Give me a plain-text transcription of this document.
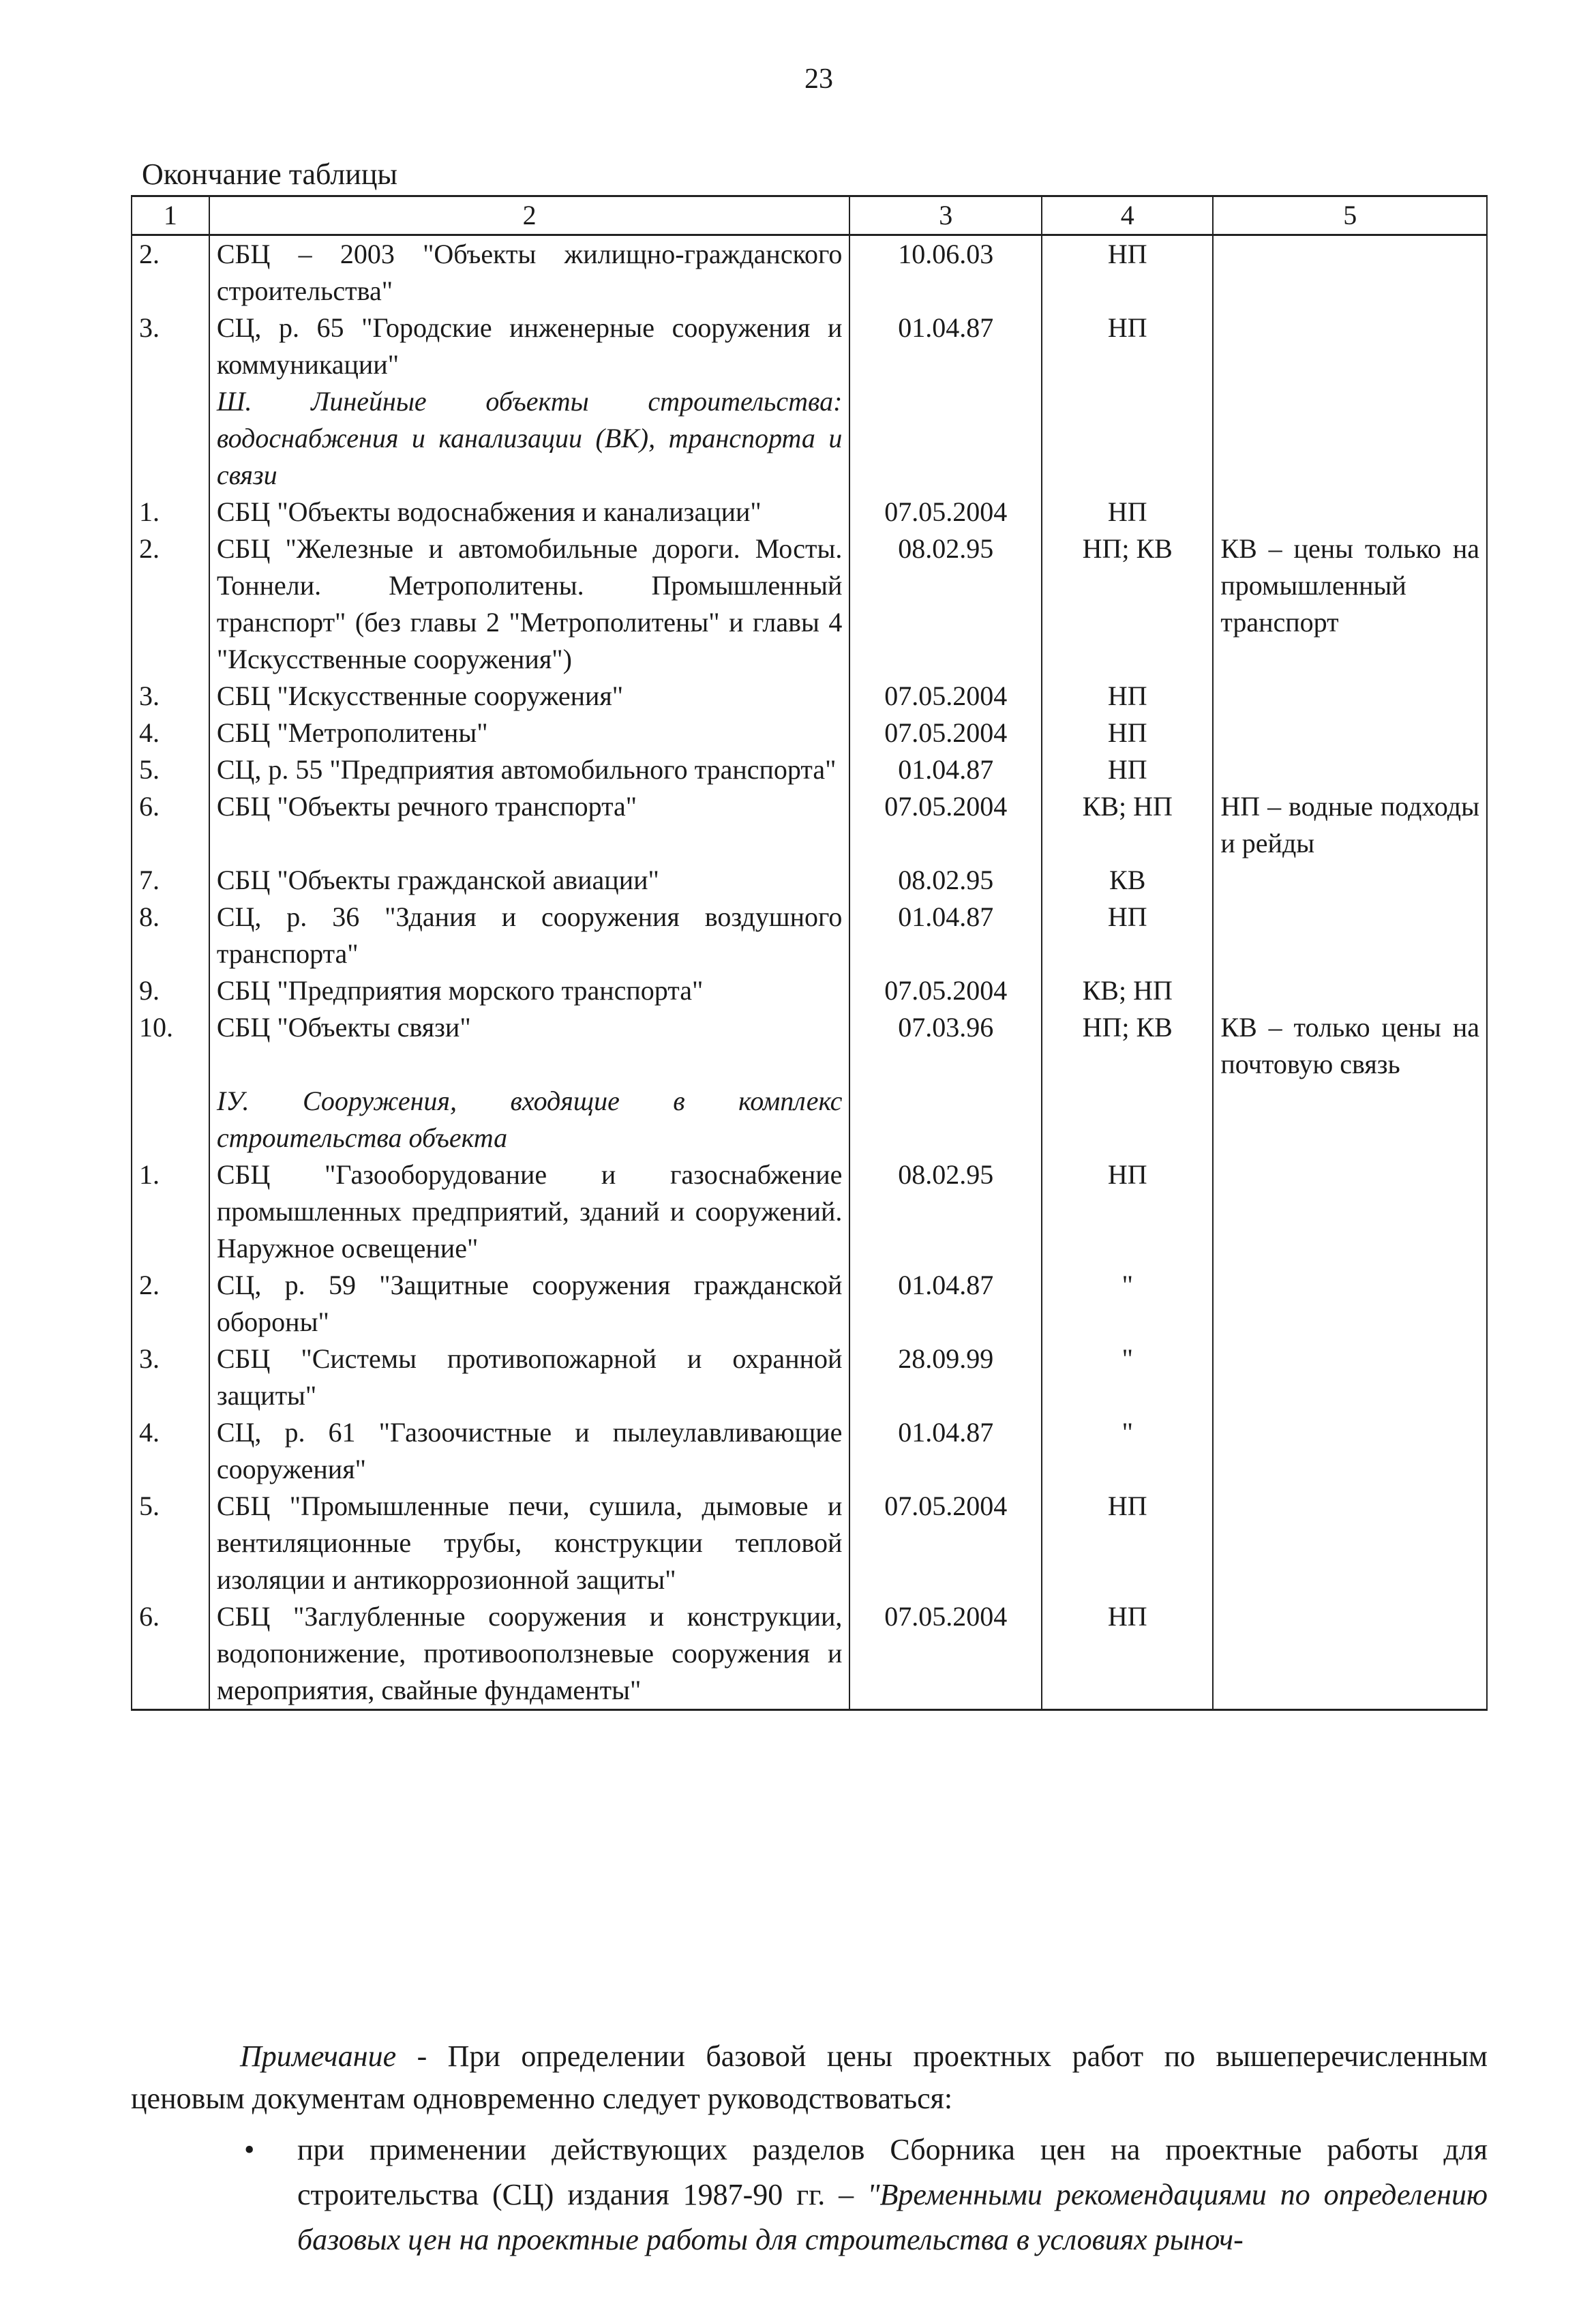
23
Окончание таблицы
1	2	3	4	5
2.	СБЦ – 2003 "Объекты жилищно-гражданского строительства"	10.06.03	НП	
3.	СЦ, р. 65 "Городские инженерные сооружения и коммуникации"	01.04.87	НП	
	Ш. Линейные объекты строительства: водоснабжения и канализации (ВК), транспорта и связи			
1.	СБЦ "Объекты водоснабжения и канализации"	07.05.2004	НП	
2.	СБЦ "Железные и автомобильные дороги. Мосты. Тоннели. Метрополитены. Промышленный транспорт" (без главы 2 "Метрополитены" и главы 4 "Искусственные сооружения")	08.02.95	НП; КВ	КВ – цены только на промышленный транспорт
3.	СБЦ "Искусственные сооружения"	07.05.2004	НП	
4.	СБЦ "Метрополитены"	07.05.2004	НП	
5.	СЦ, р. 55 "Предприятия автомобильного транспорта"	01.04.87	НП	
6.	СБЦ "Объекты речного транспорта"	07.05.2004	КВ; НП	НП – водные подходы и рейды
7.	СБЦ "Объекты гражданской авиации"	08.02.95	КВ	
8.	СЦ, р. 36 "Здания и сооружения воздушного транспорта"	01.04.87	НП	
9.	СБЦ "Предприятия морского транспорта"	07.05.2004	КВ; НП	
10.	СБЦ "Объекты связи"	07.03.96	НП; КВ	КВ – только цены на почтовую связь
	IУ. Сооружения, входящие в комплекс строительства объекта			
1.	СБЦ "Газооборудование и газоснабжение промышленных предприятий, зданий и сооружений. Наружное освещение"	08.02.95	НП	
2.	СЦ, р. 59 "Защитные сооружения гражданской обороны"	01.04.87	"	
3.	СБЦ "Системы противопожарной и охранной защиты"	28.09.99	"	
4.	СЦ, р. 61 "Газоочистные и пылеулавливающие сооружения"	01.04.87	"	
5.	СБЦ "Промышленные печи, сушила, дымовые и вентиляционные трубы, конструкции тепловой изоляции и антикоррозионной защиты"	07.05.2004	НП	
6.	СБЦ "Заглубленные сооружения и конструкции, водопонижение, противооползневые сооружения и мероприятия, свайные фундаменты"	07.05.2004	НП	
Примечание - При определении базовой цены проектных работ по вышеперечисленным ценовым документам одновременно следует руководствоваться:
• при применении действующих разделов Сборника цен на проектные работы для строительства (СЦ) издания 1987-90 гг. – "Временными рекомендациями по определению базовых цен на проектные работы для строительства в условиях рыноч-
